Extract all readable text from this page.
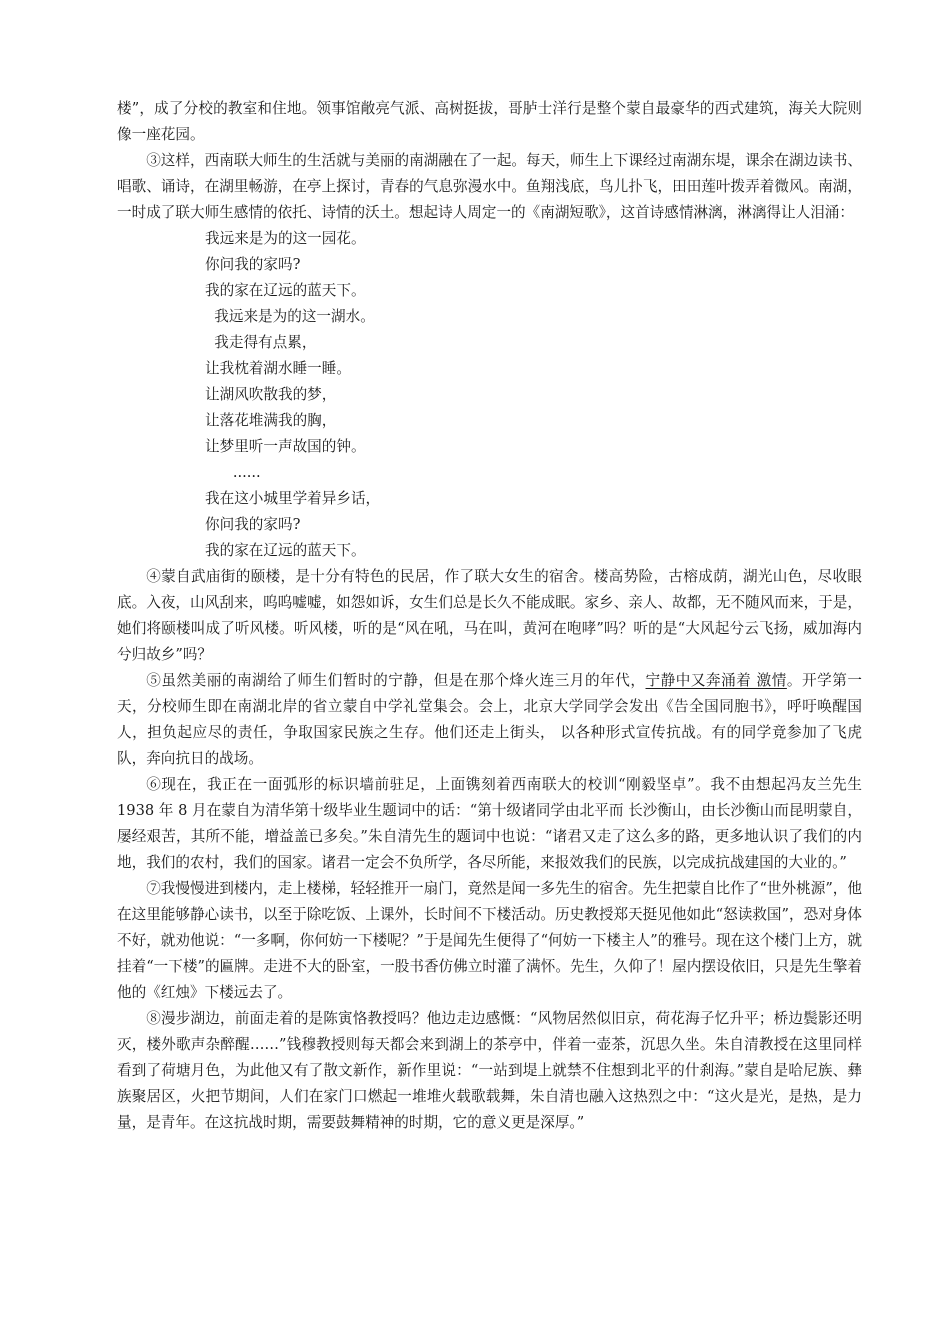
楼”，成了分校的教室和住地。领事馆敞亮气派、高树挺拔，哥胪士洋行是整个蒙自最豪华的西式建筑，海关大院则像一座花园。

③这样，西南联大师生的生活就与美丽的南湖融在了一起。每天，师生上下课经过南湖东堤，课余在湖边读书、唱歌、诵诗，在湖里畅游，在亭上探讨，青春的气息弥漫水中。鱼翔浅底，鸟儿扑飞，田田莲叶拨弄着微风。南湖，一时成了联大师生感情的依托、诗情的沃土。想起诗人周定一的《南湖短歌》，这首诗感情淋漓，淋漓得让人泪涌：

我远来是为的这一园花。
你问我的家吗?
我的家在辽远的蓝天下。
我远来是为的这一湖水。
我走得有点累，
让我枕着湖水睡一睡。
让湖风吹散我的梦，
让落花堆满我的胸，
让梦里听一声故国的钟。
......
我在这小城里学着异乡话，
你问我的家吗?
我的家在辽远的蓝天下。

④蒙自武庙街的颐楼，是十分有特色的民居，作了联大女生的宿舍。楼高势险，古榕成荫，湖光山色，尽收眼底。入夜，山风刮来，呜呜嘘嘘，如怨如诉，女生们总是长久不能成眠。家乡、亲人、故都，无不随风而来，于是，她们将颐楼叫成了听风楼。听风楼，听的是“风在吼，马在叫，黄河在咆哮”吗？听的是“大风起兮云飞扬，威加海内兮归故乡”吗？

⑤虽然美丽的南湖给了师生们暂时的宁静，但是在那个烽火连三月的年代，宁静中又奔涌着 激情。开学第一天，分校师生即在南湖北岸的省立蒙自中学礼堂集会。会上，北京大学同学会发出《告全国同胞书》，呼吁唤醒国人，担负起应尽的责任，争取国家民族之生存。他们还走上街头， 以各种形式宣传抗战。有的同学竟参加了飞虎队，奔向抗日的战场。

⑥现在，我正在一面弧形的标识墙前驻足，上面镌刻着西南联大的校训“刚毅坚卓”。我不由想起冯友兰先生 1938 年 8 月在蒙自为清华第十级毕业生题词中的话：“第十级诸同学由北平而 长沙衡山，由长沙衡山而昆明蒙自，屡经艰苦，其所不能，增益盖已多矣。”朱自清先生的题词中也说：“诸君又走了这么多的路，更多地认识了我们的内地，我们的农村，我们的国家。诸君一定会不负所学，各尽所能，来报效我们的民族，以完成抗战建国的大业的。”

⑦我慢慢进到楼内，走上楼梯，轻轻推开一扇门，竟然是闻一多先生的宿舍。先生把蒙自比作了“世外桃源”，他在这里能够静心读书，以至于除吃饭、上课外，长时间不下楼活动。历史教授郑天挺见他如此“怒读救国”，恐对身体不好，就劝他说：“一多啊，你何妨一下楼呢？”于是闻先生便得了“何妨一下楼主人”的雅号。现在这个楼门上方，就挂着“一下楼”的匾牌。走进不大的卧室，一股书香仿佛立时灌了满怀。先生，久仰了！屋内摆设依旧，只是先生擎着他的《红烛》下楼远去了。

⑧漫步湖边，前面走着的是陈寅恪教授吗？他边走边感慨：“风物居然似旧京，荷花海子忆升平；桥边鬓影还明灭，楼外歌声杂醉醒……”钱穆教授则每天都会来到湖上的茶亭中，伴着一壶茶，沉思久坐。朱自清教授在这里同样看到了荷塘月色，为此他又有了散文新作，新作里说：“一站到堤上就禁不住想到北平的什刹海。”蒙自是哈尼族、彝族聚居区，火把节期间，人们在家门口燃起一堆堆火载歌载舞，朱自清也融入这热烈之中：“这火是光，是热，是力量，是青年。在这抗战时期，需要鼓舞精神的时期，它的意义更是深厚。”
